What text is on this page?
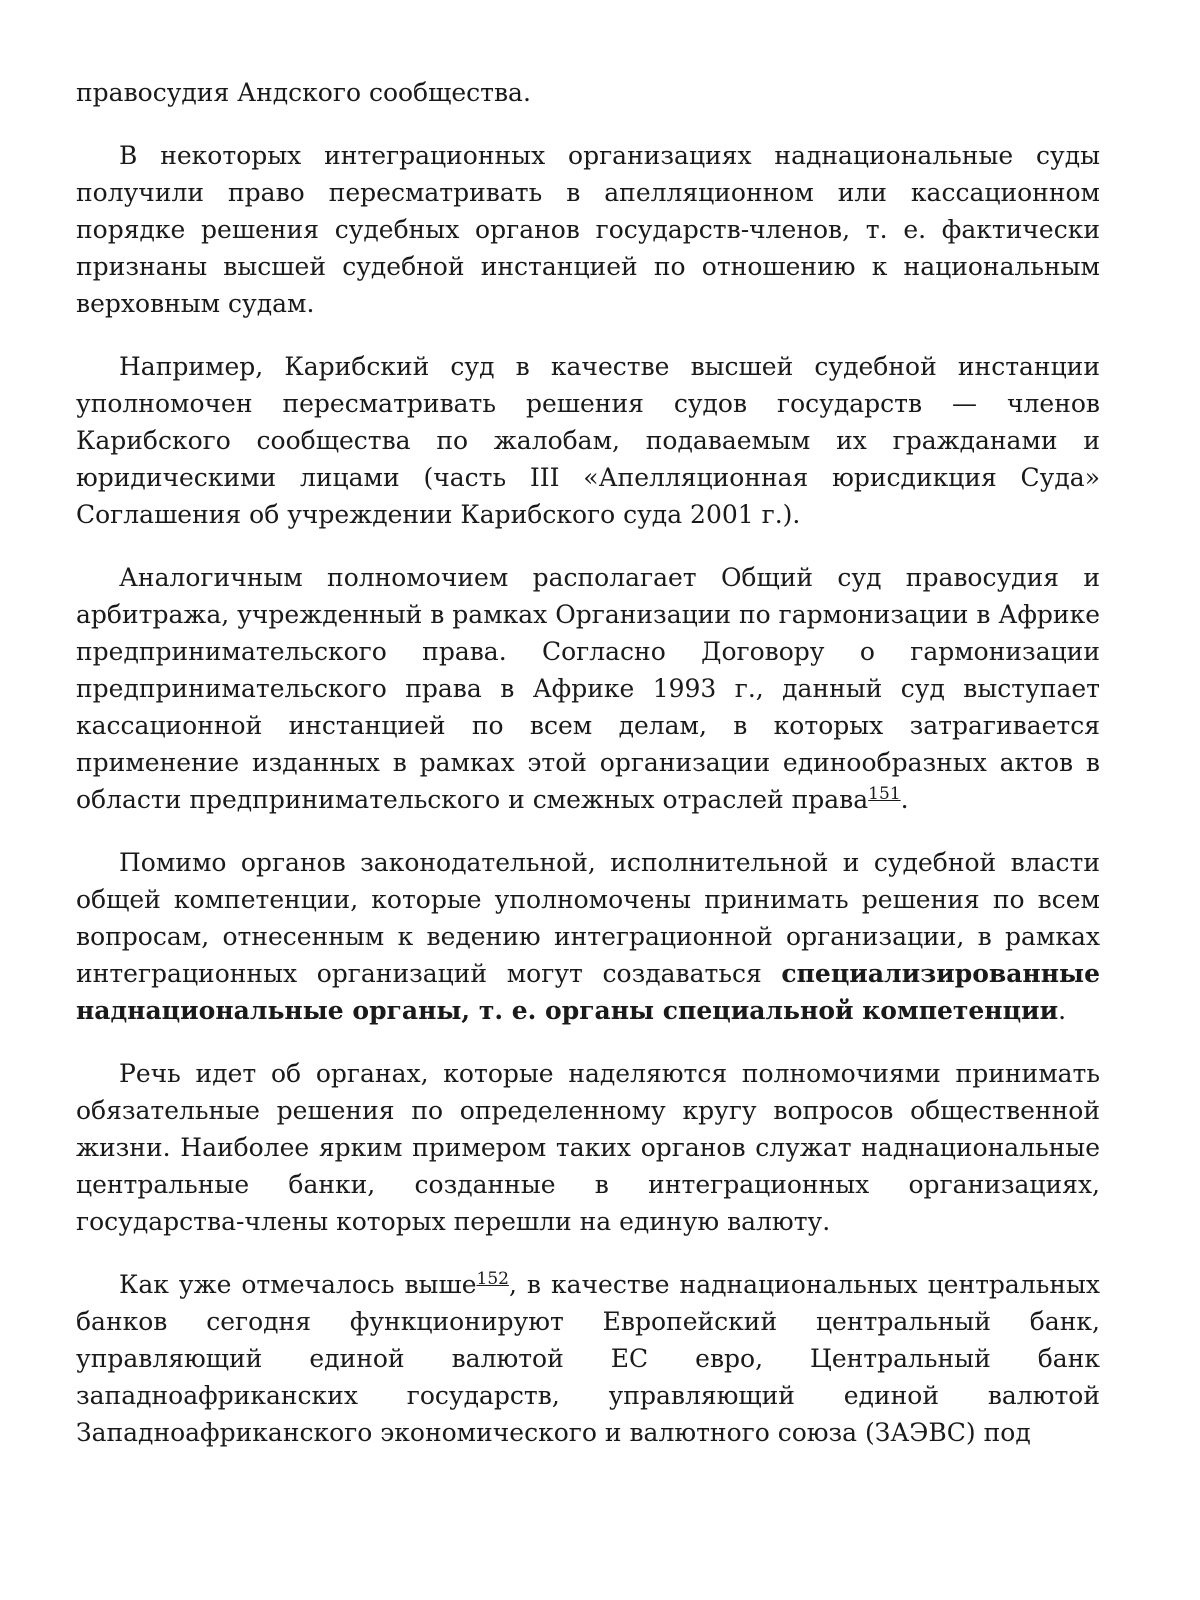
правосудия Андского сообщества.

В некоторых интеграционных организациях наднациональные суды получили право пересматривать в апелляционном или кассационном порядке решения судебных органов государств-членов, т. е. фактически признаны высшей судебной инстанцией по отношению к национальным верховным судам.

Например, Карибский суд в качестве высшей судебной инстанции уполномочен пересматривать решения судов государств — членов Карибского сообщества по жалобам, подаваемым их гражданами и юридическими лицами (часть III «Апелляционная юрисдикция Суда» Соглашения об учреждении Карибского суда 2001 г.).

Аналогичным полномочием располагает Общий суд правосудия и арбитража, учрежденный в рамках Организации по гармонизации в Африке предпринимательского права. Согласно Договору о гармонизации предпринимательского права в Африке 1993 г., данный суд выступает кассационной инстанцией по всем делам, в которых затрагивается применение изданных в рамках этой организации единообразных актов в области предпринимательского и смежных отраслей права$^{151}$.

Помимо органов законодательной, исполнительной и судебной власти общей компетенции, которые уполномочены принимать решения по всем вопросам, отнесенным к ведению интеграционной организации, в рамках интеграционных организаций могут создаваться специализированные наднациональные органы, т. е. органы специальной компетенции.

Речь идет об органах, которые наделяются полномочиями принимать обязательные решения по определенному кругу вопросов общественной жизни. Наиболее ярким примером таких органов служат наднациональные центральные банки, созданные в интеграционных организациях, государства-члены которых перешли на единую валюту.

Как уже отмечалось выше$^{152}$, в качестве наднациональных центральных банков сегодня функционируют Европейский центральный банк, управляющий единой валютой ЕС евро, Центральный банк западноафриканских государств, управляющий единой валютой Западноафриканского экономического и валютного союза (ЗАЭВС) под
